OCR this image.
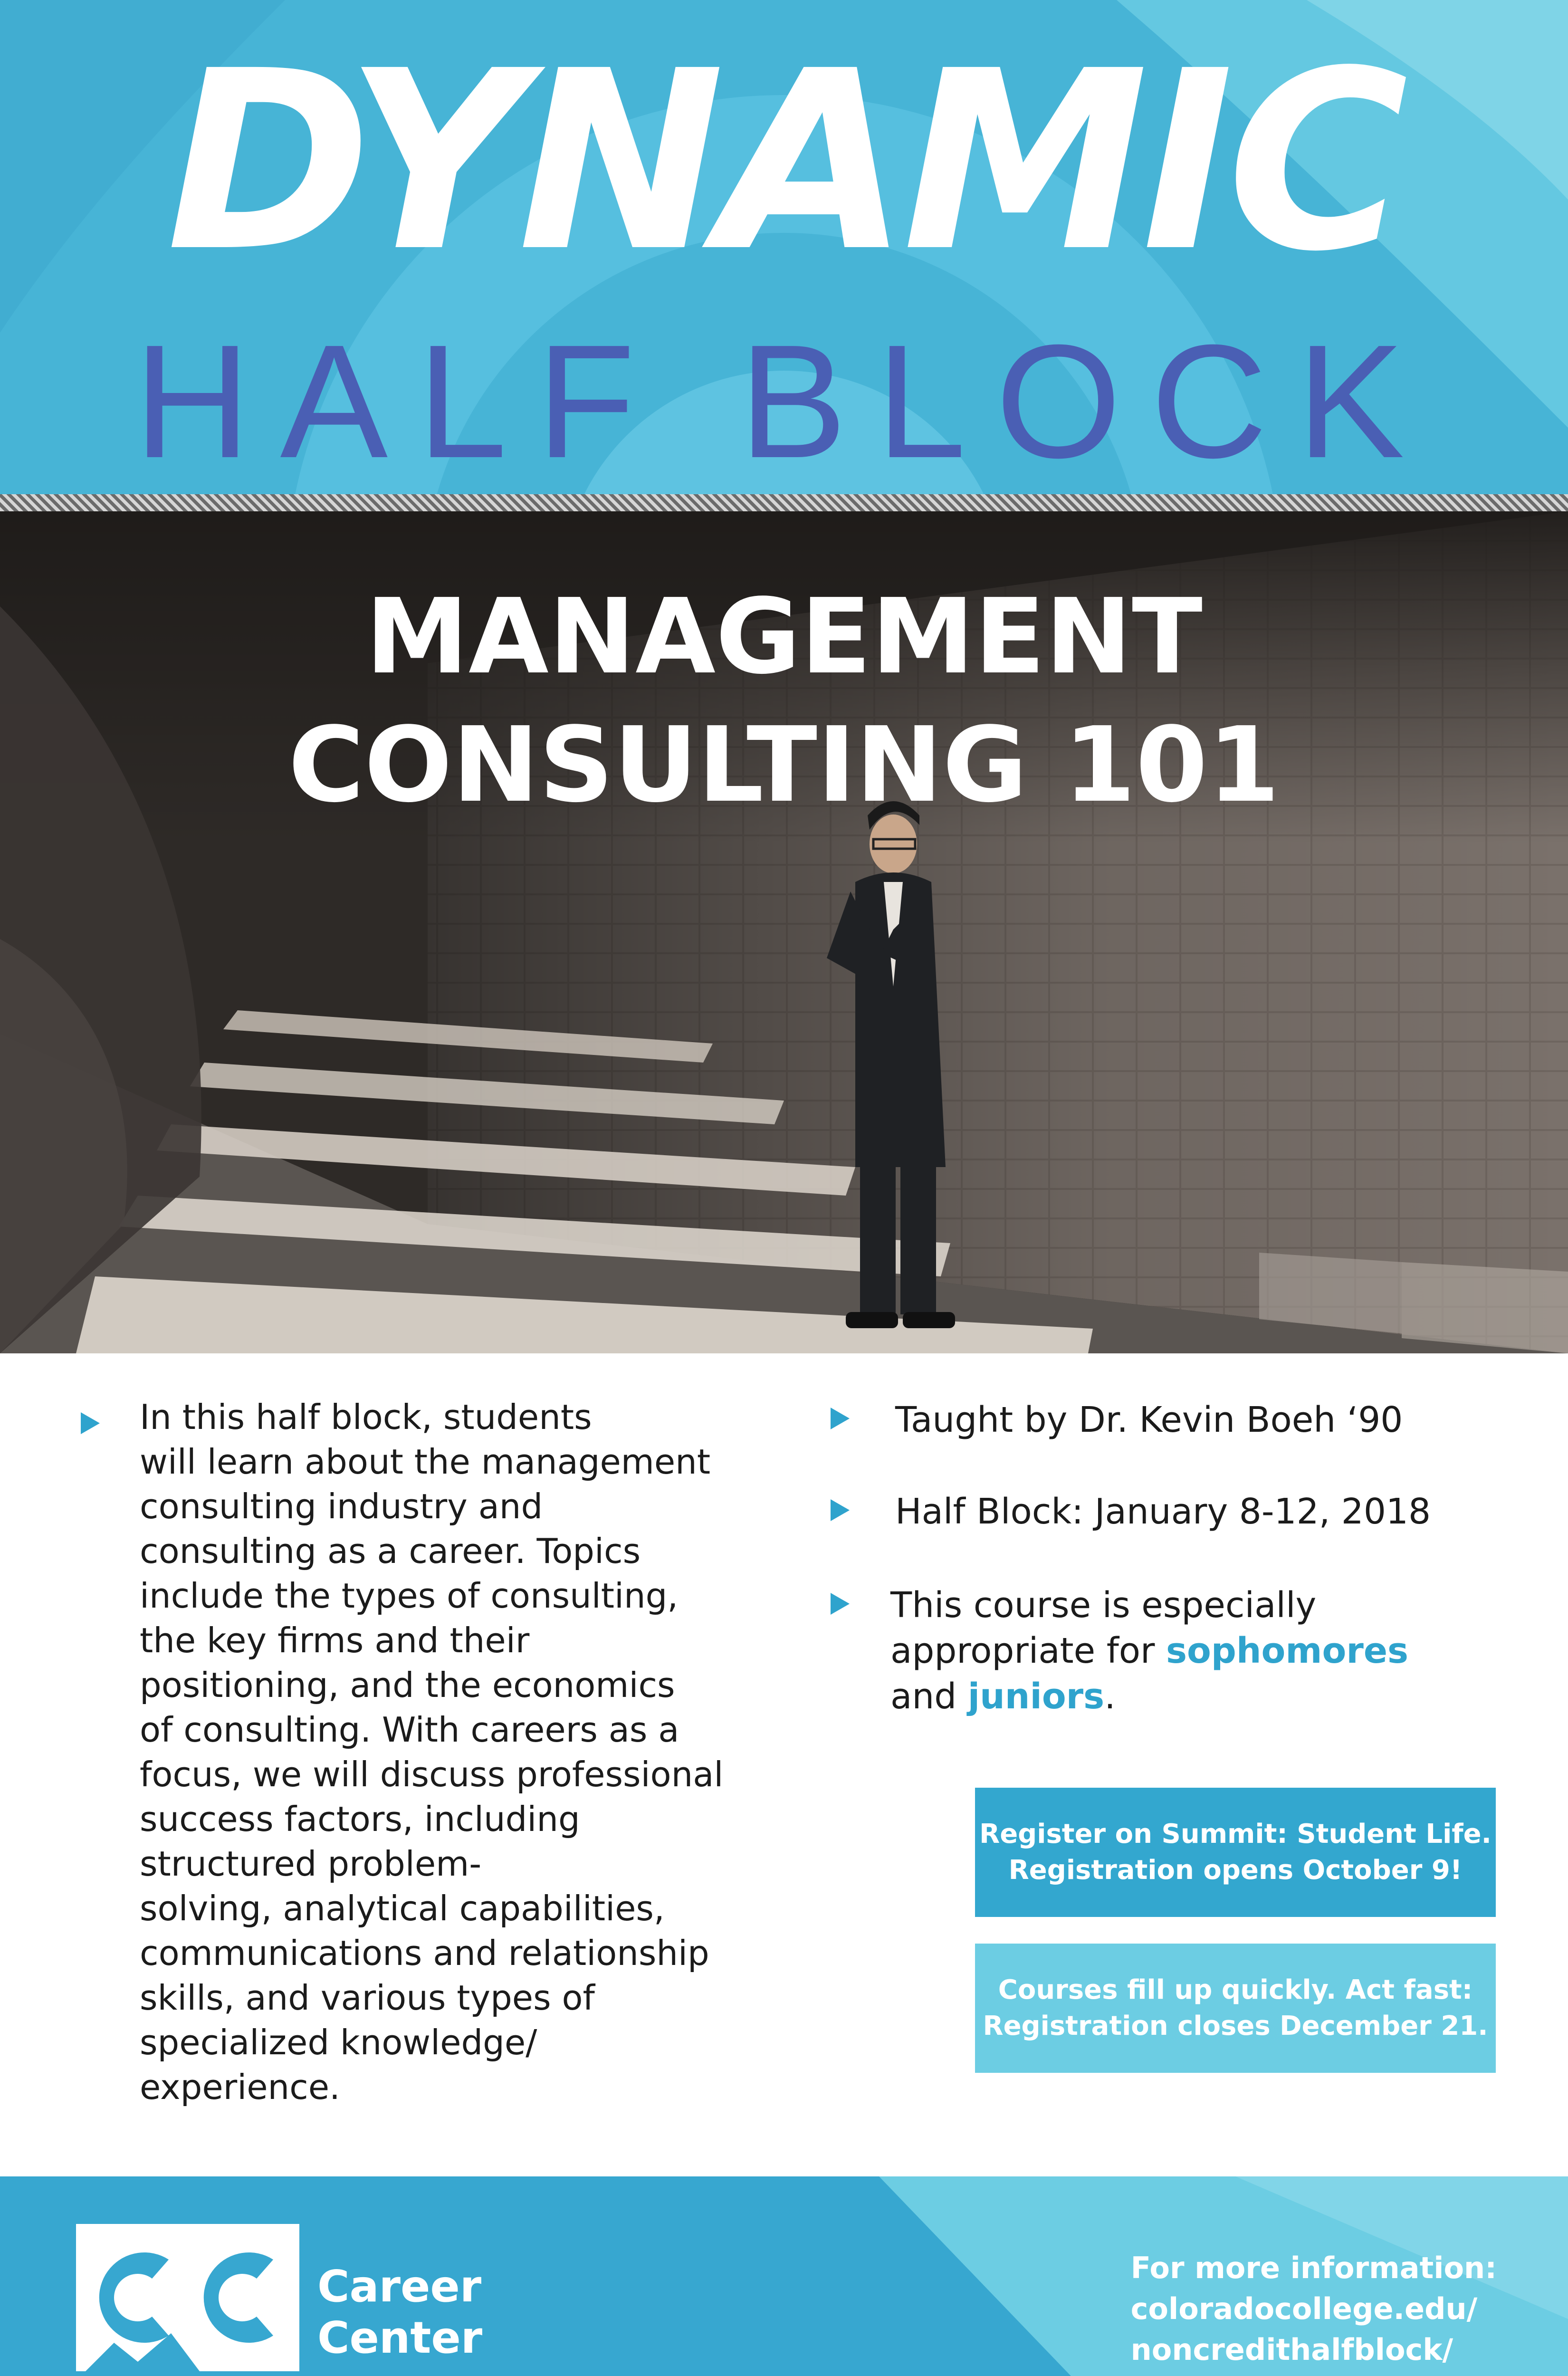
DYNAMIC
HALF BLOCK
MANAGEMENT
CONSULTING 101

In this half block, students

will learn about the management

consulting industry and

consulting as a career. Topics

include the types of consulting,

the key firms and their

positioning, and the economics

of consulting. With careers as a

focus, we will discuss professional

success factors, including

structured problem-

solving, analytical capabilities,

communications and relationship

skills, and various types of

specialized knowledge/

experience.

Taught by Dr. Kevin Boeh ‘90
Half Block: January 8-12, 2018
This course is especially
appropriate for sophomores
and juniors.
Register on Summit: Student Life.
Registration opens October 9!
Courses fill up quickly. Act fast:
Registration closes December 21.
Career
Center
For more information:
coloradocollege.edu/
noncredithalfblock/
